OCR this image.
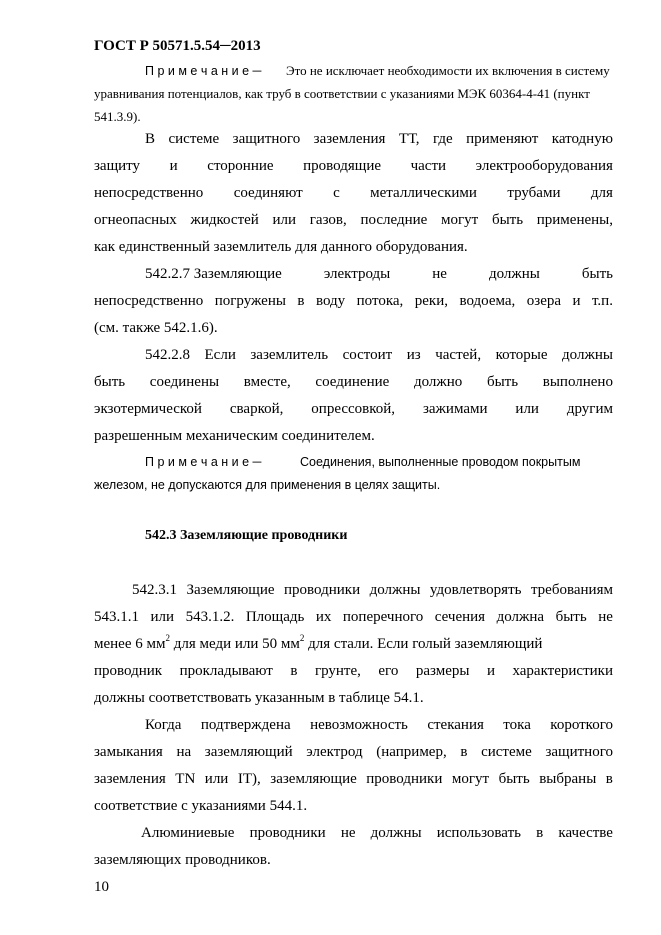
ГОСТ Р 50571.5.54─2013
П р и м е ч а н и е ─ Это не исключает необходимости их включения в систему
уравнивания потенциалов, как труб в соответствии с указаниями МЭК 60364-4-41 (пункт
541.3.9).
В системе защитного заземления ТТ, где применяют катодную
защиту и сторонние проводящие части электрооборудования
непосредственно соединяют с металлическими трубами для
огнеопасных жидкостей или газов, последние могут быть применены,
как единственный заземлитель для данного оборудования.
542.2.7 Заземляющие	электроды	не	должны	быть
непосредственно погружены в воду потока, реки, водоема, озера и т.п.
(см. также 542.1.6).
542.2.8 Если заземлитель состоит из частей, которые должны
быть соединены вместе, соединение должно быть выполнено
экзотермической сваркой, опрессовкой, зажимами или другим
разрешенным механическим соединителем.
П р и м е ч а н и е ─	Соединения, выполненные проводом покрытым
железом, не допускаются для применения в целях защиты.
542.3 Заземляющие проводники
542.3.1 Заземляющие проводники должны удовлетворять требованиям
543.1.1 или 543.1.2. Площадь их поперечного сечения должна быть не
менее 6 $мм^2$ для меди или 50 $мм^2$ для стали. Если голый заземляющий
проводник прокладывают в грунте, его размеры и характеристики
должны соответствовать указанным в таблице 54.1.
Когда подтверждена невозможность стекания тока короткого
замыкания на заземляющий электрод (например, в системе защитного
заземления TN или IT), заземляющие проводники могут быть выбраны в
соответствие с указаниями 544.1.
Алюминиевые проводники не должны использовать в качестве
заземляющих проводников.
10
